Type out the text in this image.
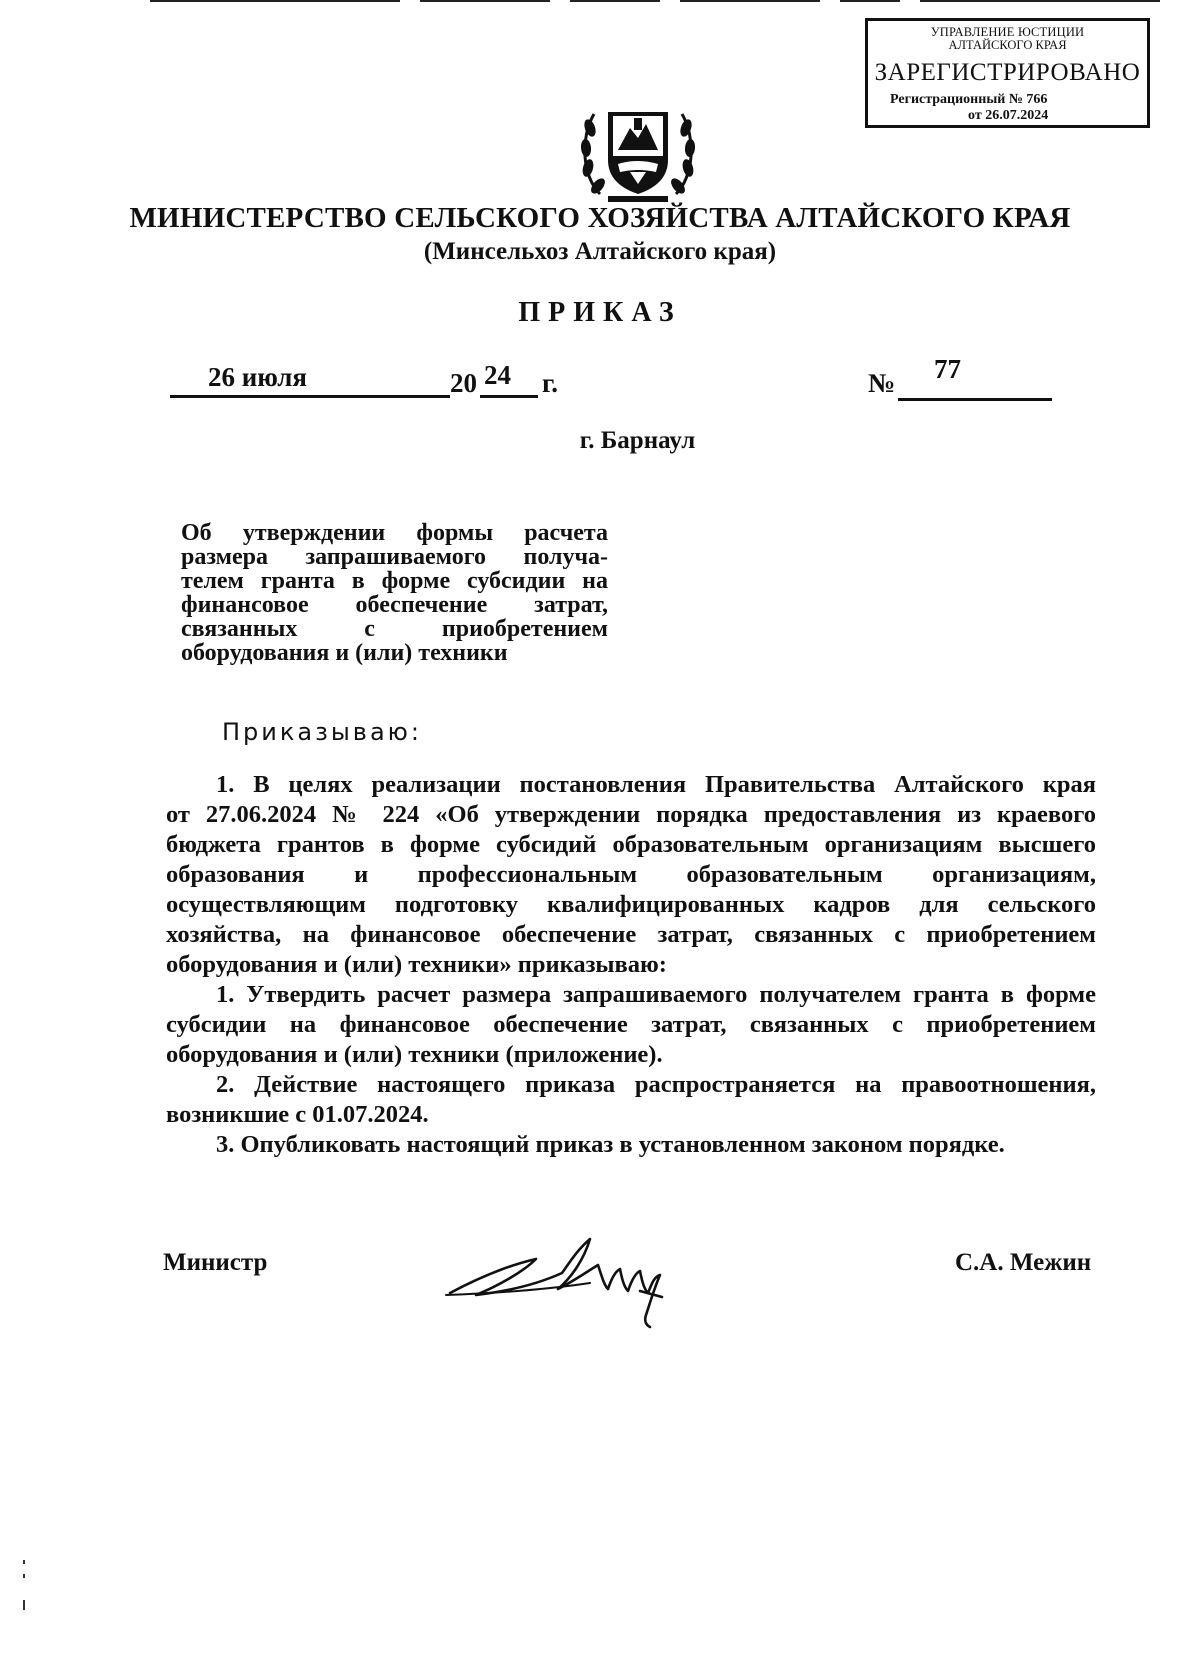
УПРАВЛЕНИЕ ЮСТИЦИИ
АЛТАЙСКОГО КРАЯ
ЗАРЕГИСТРИРОВАНО
Регистрационный № 766
от 26.07.2024
МИНИСТЕРСТВО СЕЛЬСКОГО ХОЗЯЙСТВА АЛТАЙСКОГО КРАЯ
(Минсельхоз Алтайского края)
ПРИКАЗ
26 июля	20 24 г.	№ 77
г. Барнаул
Об утверждении формы расчета
размера запрашиваемого получа-
телем гранта в форме субсидии на
финансовое обеспечение затрат,
связанных с приобретением
оборудования и (или) техники
Приказываю:
1. В целях реализации постановления Правительства Алтайского края
от 27.06.2024 № 224 «Об утверждении порядка предоставления из краевого
бюджета грантов в форме субсидий образовательным организациям высшего
образования и профессиональным образовательным организациям,
осуществляющим подготовку квалифицированных кадров для сельского
хозяйства, на финансовое обеспечение затрат, связанных с приобретением
оборудования и (или) техники» приказываю:
1. Утвердить расчет размера запрашиваемого получателем гранта в форме
субсидии на финансовое обеспечение затрат, связанных с приобретением
оборудования и (или) техники (приложение).
2. Действие настоящего приказа распространяется на правоотношения,
возникшие с 01.07.2024.
3. Опубликовать настоящий приказ в установленном законом порядке.
Министр	С.А. Межин
